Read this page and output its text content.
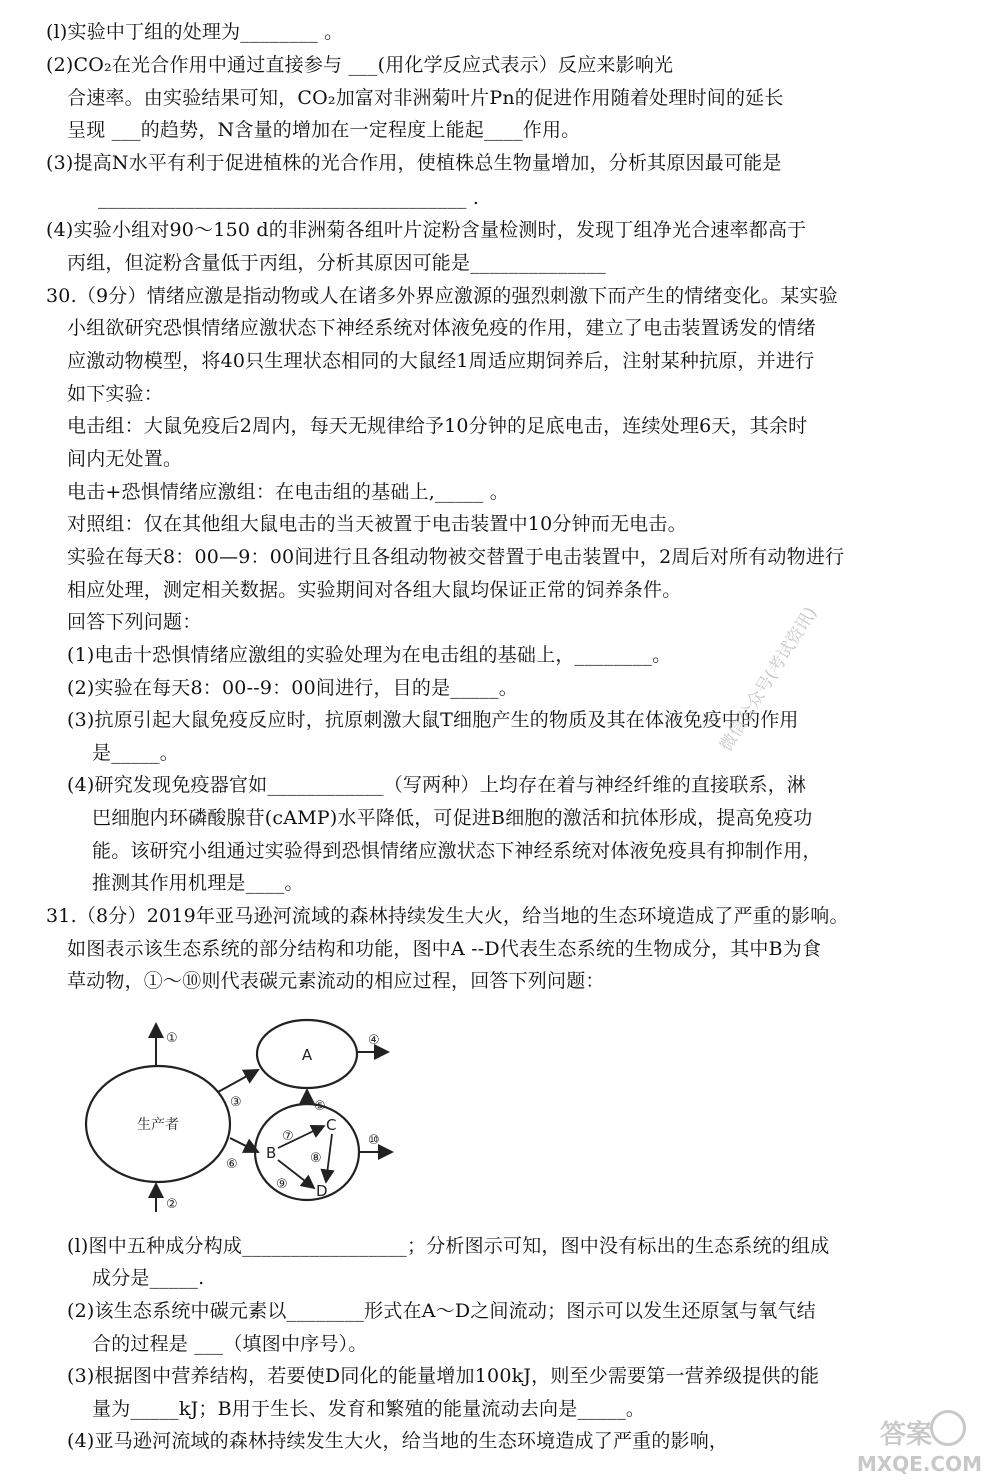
(l)实验中丁组的处理为________ 。
(2)CO₂在光合作用中通过直接参与 ___(用化学反应式表示）反应来影响光
合速率。由实验结果可知，CO₂加富对非洲菊叶片Pn的促进作用随着处理时间的延长
呈现 ___的趋势，N含量的增加在一定程度上能起____作用。
(3)提高N水平有利于促进植株的光合作用，使植株总生物量增加，分析其原因最可能是
______________________________________ .
(4)实验小组对90～150 d的非洲菊各组叶片淀粉含量检测时，发现丁组净光合速率都高于
丙组，但淀粉含量低于丙组，分析其原因可能是______________
30.（9分）情绪应激是指动物或人在诸多外界应激源的强烈刺激下而产生的情绪变化。某实验
小组欲研究恐惧情绪应激状态下神经系统对体液免疫的作用，建立了电击装置诱发的情绪
应激动物模型，将40只生理状态相同的大鼠经1周适应期饲养后，注射某种抗原，并进行
如下实验：
电击组：大鼠免疫后2周内，每天无规律给予10分钟的足底电击，连续处理6天，其余时
间内无处置。
电击+恐惧情绪应激组：在电击组的基础上,_____ 。
对照组：仅在其他组大鼠电击的当天被置于电击装置中10分钟而无电击。
实验在每天8：00—9：00间进行且各组动物被交替置于电击装置中，2周后对所有动物进行
相应处理，测定相关数据。实验期间对各组大鼠均保证正常的饲养条件。
回答下列问题：
(1)电击十恐惧情绪应激组的实验处理为在电击组的基础上，________。
(2)实验在每天8：00--9：00间进行，目的是_____。
(3)抗原引起大鼠免疫反应时，抗原刺激大鼠T细胞产生的物质及其在体液免疫中的作用
是_____。
(4)研究发现免疫器官如____________（写两种）上均存在着与神经纤维的直接联系，淋
巴细胞内环磷酸腺苷(cAMP)水平降低，可促进B细胞的激活和抗体形成，提高免疫功
能。该研究小组通过实验得到恐惧情绪应激状态下神经系统对体液免疫具有抑制作用，
推测其作用机理是____。
31.（8分）2019年亚马逊河流域的森林持续发生大火，给当地的生态环境造成了严重的影响。
如图表示该生态系统的部分结构和功能，图中A --D代表生态系统的生物成分，其中B为食
草动物，①～⑩则代表碳元素流动的相应过程，回答下列问题：
(l)图中五种成分构成_________________；分析图示可知，图中没有标出的生态系统的组成
成分是_____.
(2)该生态系统中碳元素以________形式在A～D之间流动；图示可以发生还原氢与氧气结
合的过程是 ___（填图中序号）。
(3)根据图中营养结构，若要使D同化的能量增加100kJ，则至少需要第一营养级提供的能
量为_____kJ；B用于生长、发育和繁殖的能量流动去向是_____。
(4)亚马逊河流域的森林持续发生大火，给当地的生态环境造成了严重的影响，
生产者
A
B
C
D
①
②
③
④
⑤
⑥
⑦
⑧
⑨
⑩
微信公众号(考试资讯)
答案
MXQE.COM
